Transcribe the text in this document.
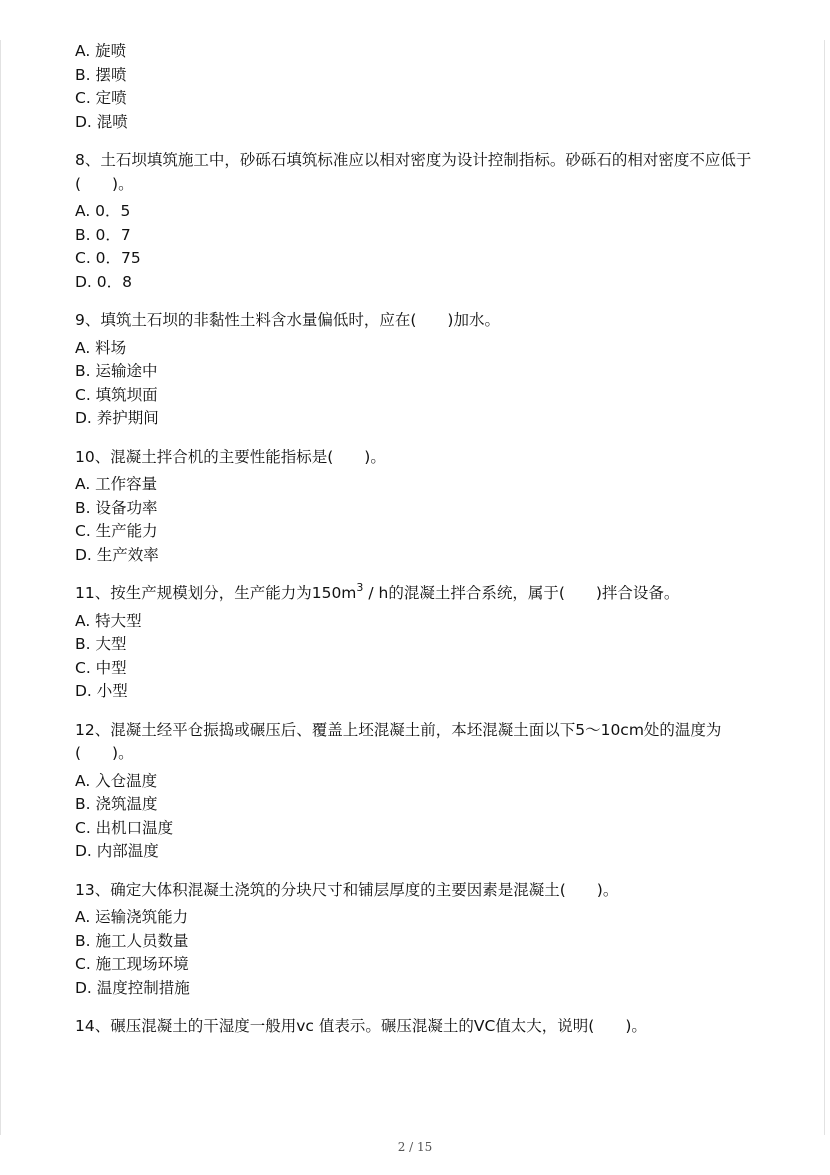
A. 旋喷
B. 摆喷
C. 定喷
D. 混喷
8、土石坝填筑施工中，砂砾石填筑标准应以相对密度为设计控制指标。砂砾石的相对密度不应低于(　　)。
A. 0．5
B. 0．7
C. 0．75
D. 0．8
9、填筑土石坝的非黏性土料含水量偏低时，应在(　　)加水。
A. 料场
B. 运输途中
C. 填筑坝面
D. 养护期间
10、混凝土拌合机的主要性能指标是(　　)。
A. 工作容量
B. 设备功率
C. 生产能力
D. 生产效率
11、按生产规模划分，生产能力为$150m^3$ / h的混凝土拌合系统，属于(　　)拌合设备。
A. 特大型
B. 大型
C. 中型
D. 小型
12、混凝土经平仓振捣或碾压后、覆盖上坯混凝土前，本坯混凝土面以下5～10cm处的温度为(　　)。
A. 入仓温度
B. 浇筑温度
C. 出机口温度
D. 内部温度
13、确定大体积混凝土浇筑的分块尺寸和铺层厚度的主要因素是混凝土(　　)。
A. 运输浇筑能力
B. 施工人员数量
C. 施工现场环境
D. 温度控制措施
14、碾压混凝土的干湿度一般用vc 值表示。碾压混凝土的VC值太大，说明(　　)。
2 / 15
